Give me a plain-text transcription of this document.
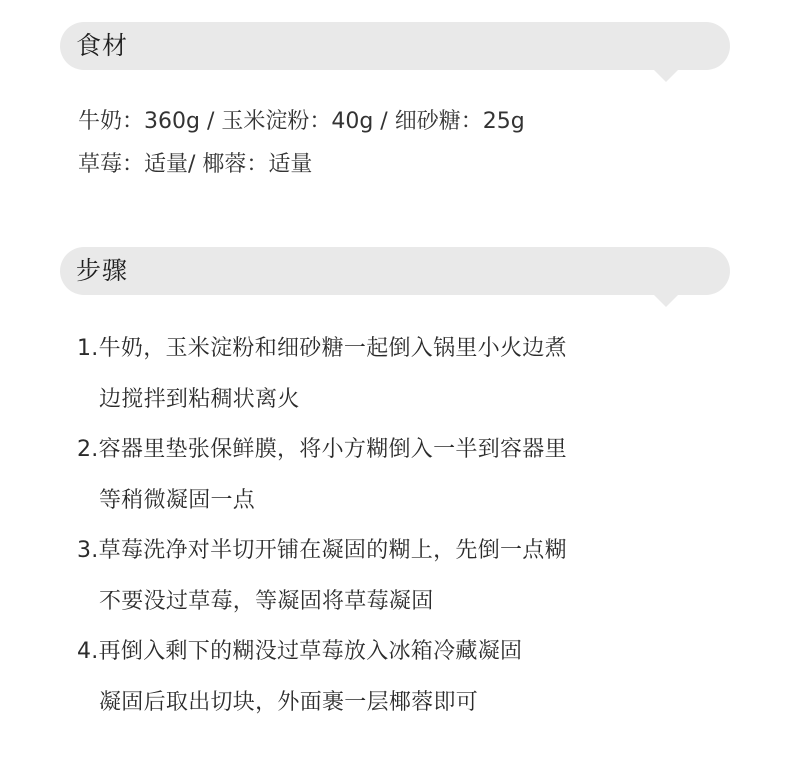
食材
牛奶：360g / 玉米淀粉：40g / 细砂糖：25g
草莓：适量/ 椰蓉：适量
步骤
1.牛奶，玉米淀粉和细砂糖一起倒入锅里小火边煮
边搅拌到粘稠状离火
2.容器里垫张保鲜膜，将小方糊倒入一半到容器里
等稍微凝固一点
3.草莓洗净对半切开铺在凝固的糊上，先倒一点糊
不要没过草莓，等凝固将草莓凝固
4.再倒入剩下的糊没过草莓放入冰箱冷藏凝固
凝固后取出切块，外面裹一层椰蓉即可
